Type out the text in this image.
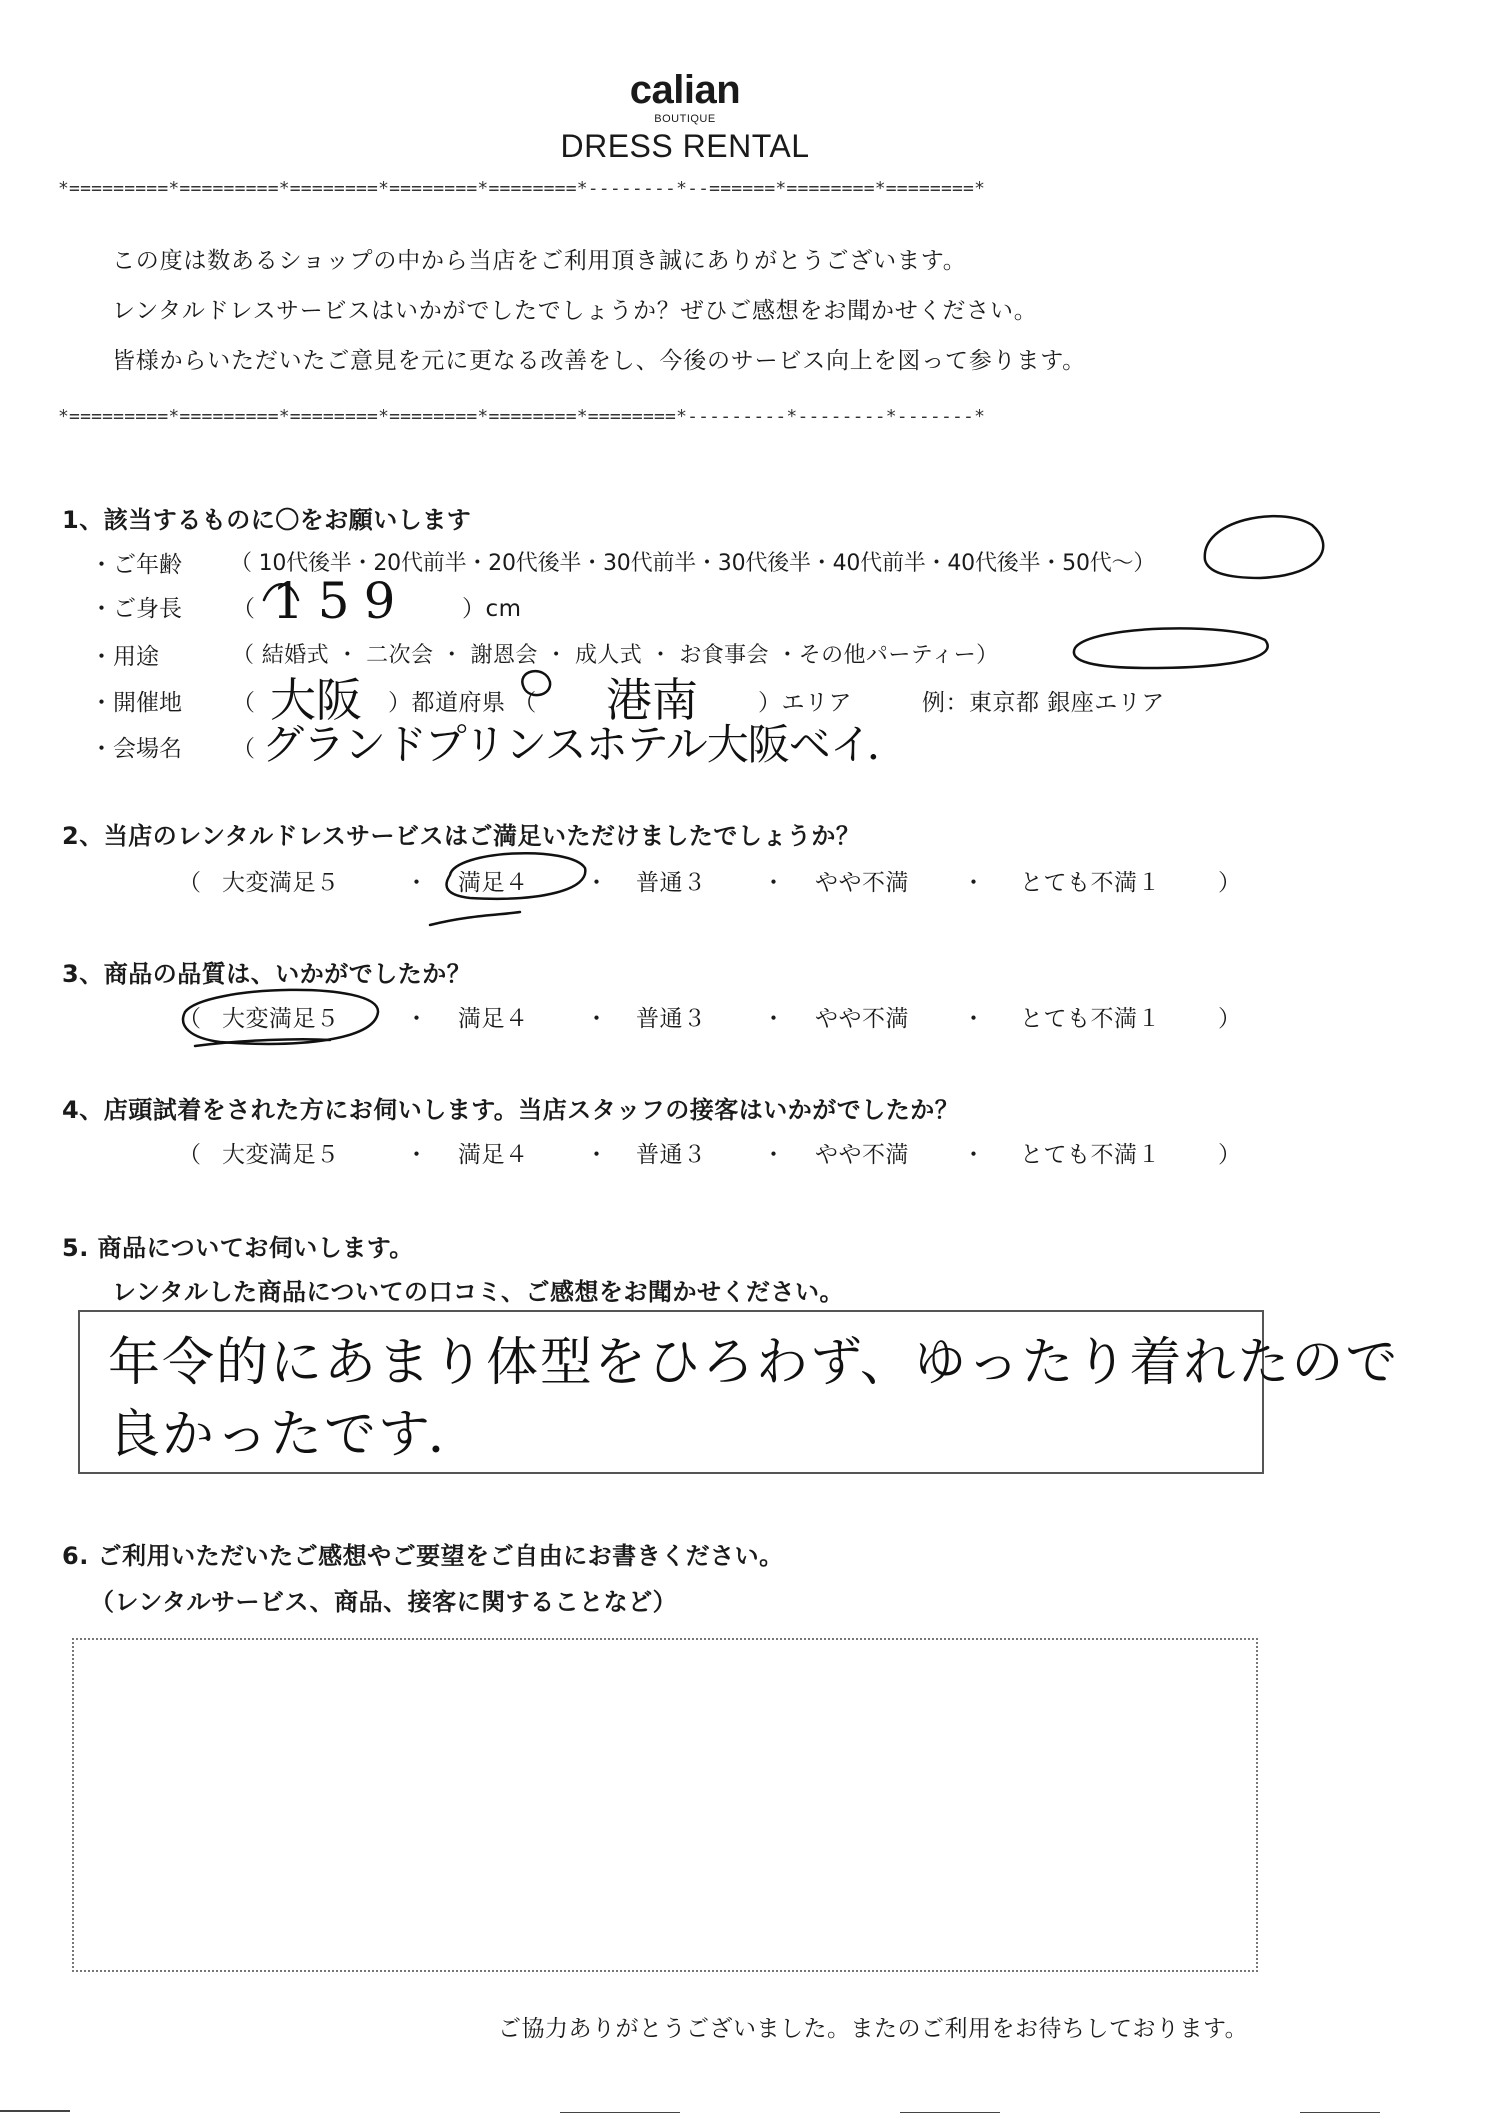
calian
BOUTIQUE
DRESS RENTAL
*=========*=========*========*========*========*--------*--======*========*========*
この度は数あるショップの中から当店をご利用頂き誠にありがとうございます。
レンタルドレスサービスはいかがでしたでしょうか？ぜひご感想をお聞かせください。
皆様からいただいたご意見を元に更なる改善をし、今後のサービス向上を図って参ります。
*=========*=========*========*========*========*========*---------*--------*-------*
1、該当するものに〇をお願いします
・ご年齢 （ 10代後半・20代前半・20代後半・30代前半・30代後半・40代前半・40代後半・50代～）
・ご身長 （ 159 ）cm
・用途	（ 結婚式 ・ 二次会 ・ 謝恩会 ・ 成人式 ・ お食事会 ・その他パーティー）
・開催地 （ 大阪 ）都道府県 （ 港南	）エリア	例：東京都 銀座エリア
・会場名 （ グランドプリンスホテル大阪ベイ．
2、当店のレンタルドレスサービスはご満足いただけましたでしょうか？
（ 大変満足５	・ 満足４ ・ 普通３ ・ やや不満 ・ とても不満１ ）
3、商品の品質は、いかがでしたか？
（ 大変満足５	・ 満足４ ・ 普通３ ・ やや不満 ・ とても不満１ ）
4、店頭試着をされた方にお伺いします。当店スタッフの接客はいかがでしたか？
（ 大変満足５	・ 満足４ ・ 普通３ ・ やや不満 ・ とても不満１ ）
5. 商品についてお伺いします。
レンタルした商品についての口コミ、ご感想をお聞かせください。
年令的にあまり体型をひろわず、ゆったり着れたので
良かったです．
6. ご利用いただいたご感想やご要望をご自由にお書きください。
（レンタルサービス、商品、接客に関することなど）
ご協力ありがとうございました。またのご利用をお待ちしております。
